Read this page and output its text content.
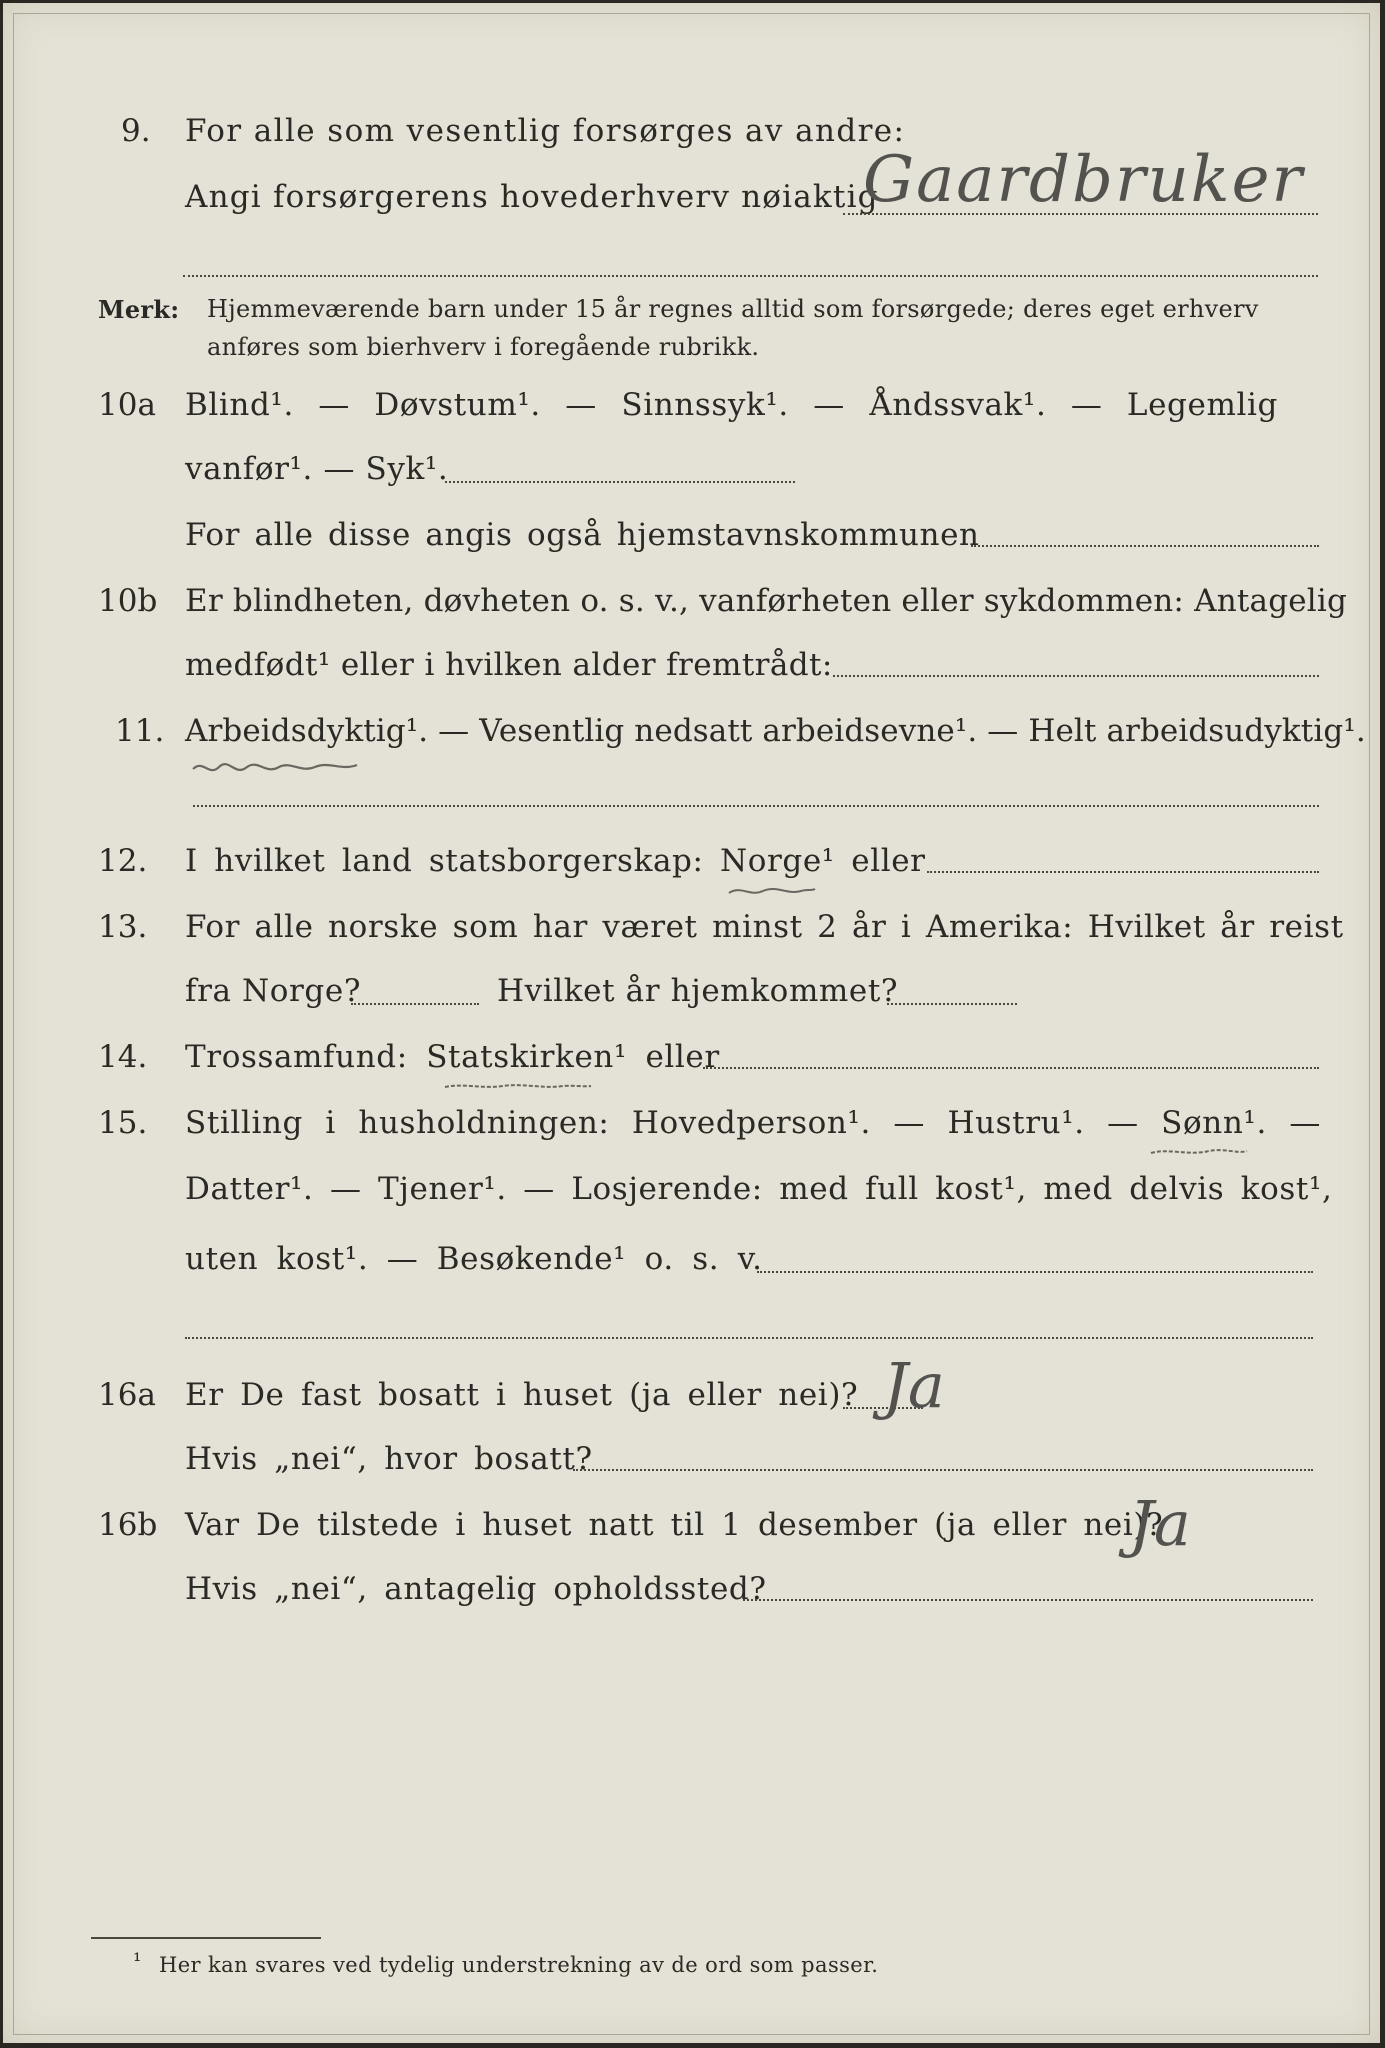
9. For alle som vesentlig forsørges av andre:
Angi forsørgerens hovederhverv nøiaktig
Gaardbruker
Merk: Hjemmeværende barn under 15 år regnes alltid som forsørgede; deres eget erhverv
anføres som bierhverv i foregående rubrikk.
10a Blind¹. — Døvstum¹. — Sinnssyk¹. — Åndssvak¹. — Legemlig
vanfør¹. — Syk¹.
For alle disse angis også hjemstavnskommunen
10b Er blindheten, døvheten o. s. v., vanførheten eller sykdommen: Antagelig
medfødt¹ eller i hvilken alder fremtrådt:
11. Arbeidsdyktig¹. — Vesentlig nedsatt arbeidsevne¹. — Helt arbeidsudyktig¹.
12. I hvilket land statsborgerskap: Norge¹ eller
13. For alle norske som har været minst 2 år i Amerika: Hvilket år reist
fra Norge?	Hvilket år hjemkommet?
14. Trossamfund: Statskirken¹ eller
15. Stilling i husholdningen: Hovedperson¹. — Hustru¹. — Sønn¹. —
Datter¹. — Tjener¹. — Losjerende: med full kost¹, med delvis kost¹,
uten kost¹. — Besøkende¹ o. s. v.
16a Er De fast bosatt i huset (ja eller nei)? Ja
Hvis „nei“, hvor bosatt?
16b Var De tilstede i huset natt til 1 desember (ja eller nei)?
Ja
Hvis „nei“, antagelig opholdssted?
¹ Her kan svares ved tydelig understrekning av de ord som passer.
